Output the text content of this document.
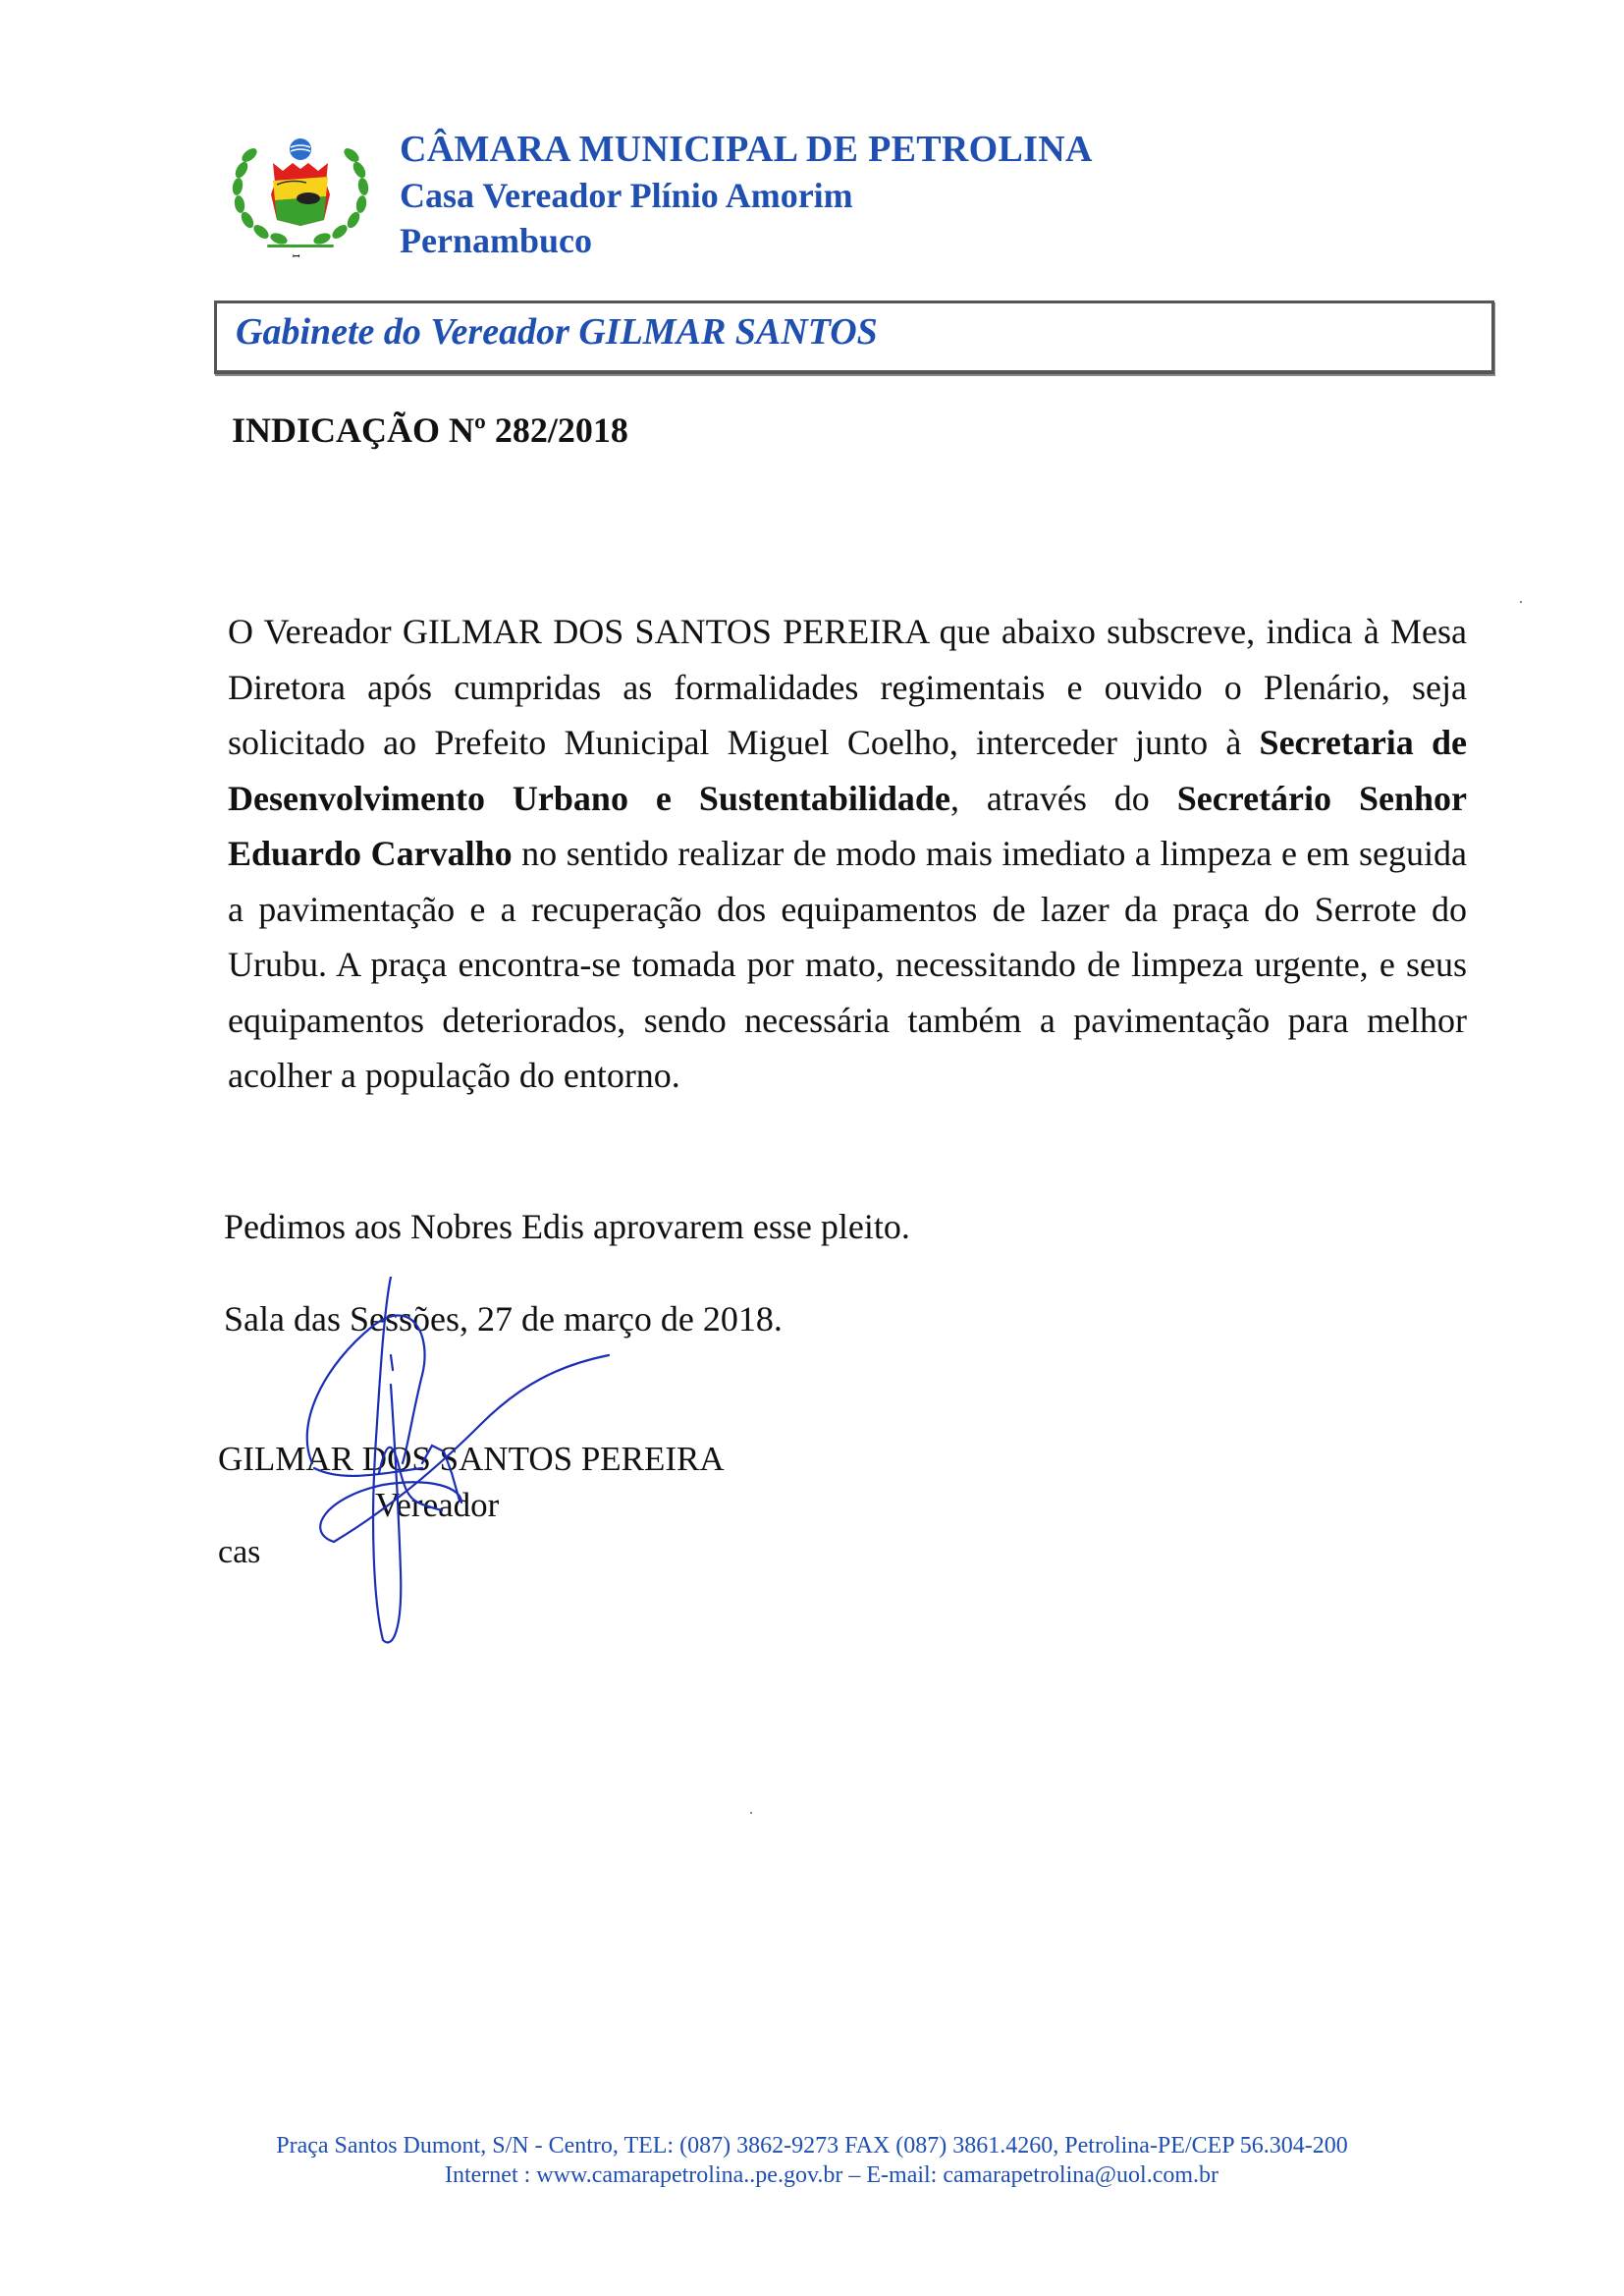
ꟷ
CÂMARA MUNICIPAL DE PETROLINA
Casa Vereador Plínio Amorim
Pernambuco
Gabinete do Vereador GILMAR SANTOS
INDICAÇÃO Nº 282/2018
O Vereador GILMAR DOS SANTOS PEREIRA que abaixo subscreve, indica à Mesa Diretora após cumpridas as formalidades regimentais e ouvido o Plenário, seja solicitado ao Prefeito Municipal Miguel Coelho, interceder junto à Secretaria de Desenvolvimento Urbano e Sustentabilidade, através do Secretário Senhor Eduardo Carvalho no sentido realizar de modo mais imediato a limpeza e em seguida a pavimentação e a recuperação dos equipamentos de lazer da praça do Serrote do Urubu. A praça encontra-se tomada por mato, necessitando de limpeza urgente, e seus equipamentos deteriorados, sendo necessária também a pavimentação para melhor acolher a população do entorno.
Pedimos aos Nobres Edis aprovarem esse pleito.
Sala das Sessões, 27 de março de 2018.
GILMAR DOS SANTOS PEREIRA
Vereador
cas
Praça Santos Dumont, S/N - Centro, TEL: (087) 3862-9273 FAX (087) 3861.4260, Petrolina-PE/CEP 56.304-200
Internet : www.camarapetrolina..pe.gov.br – E-mail: camarapetrolina@uol.com.br
